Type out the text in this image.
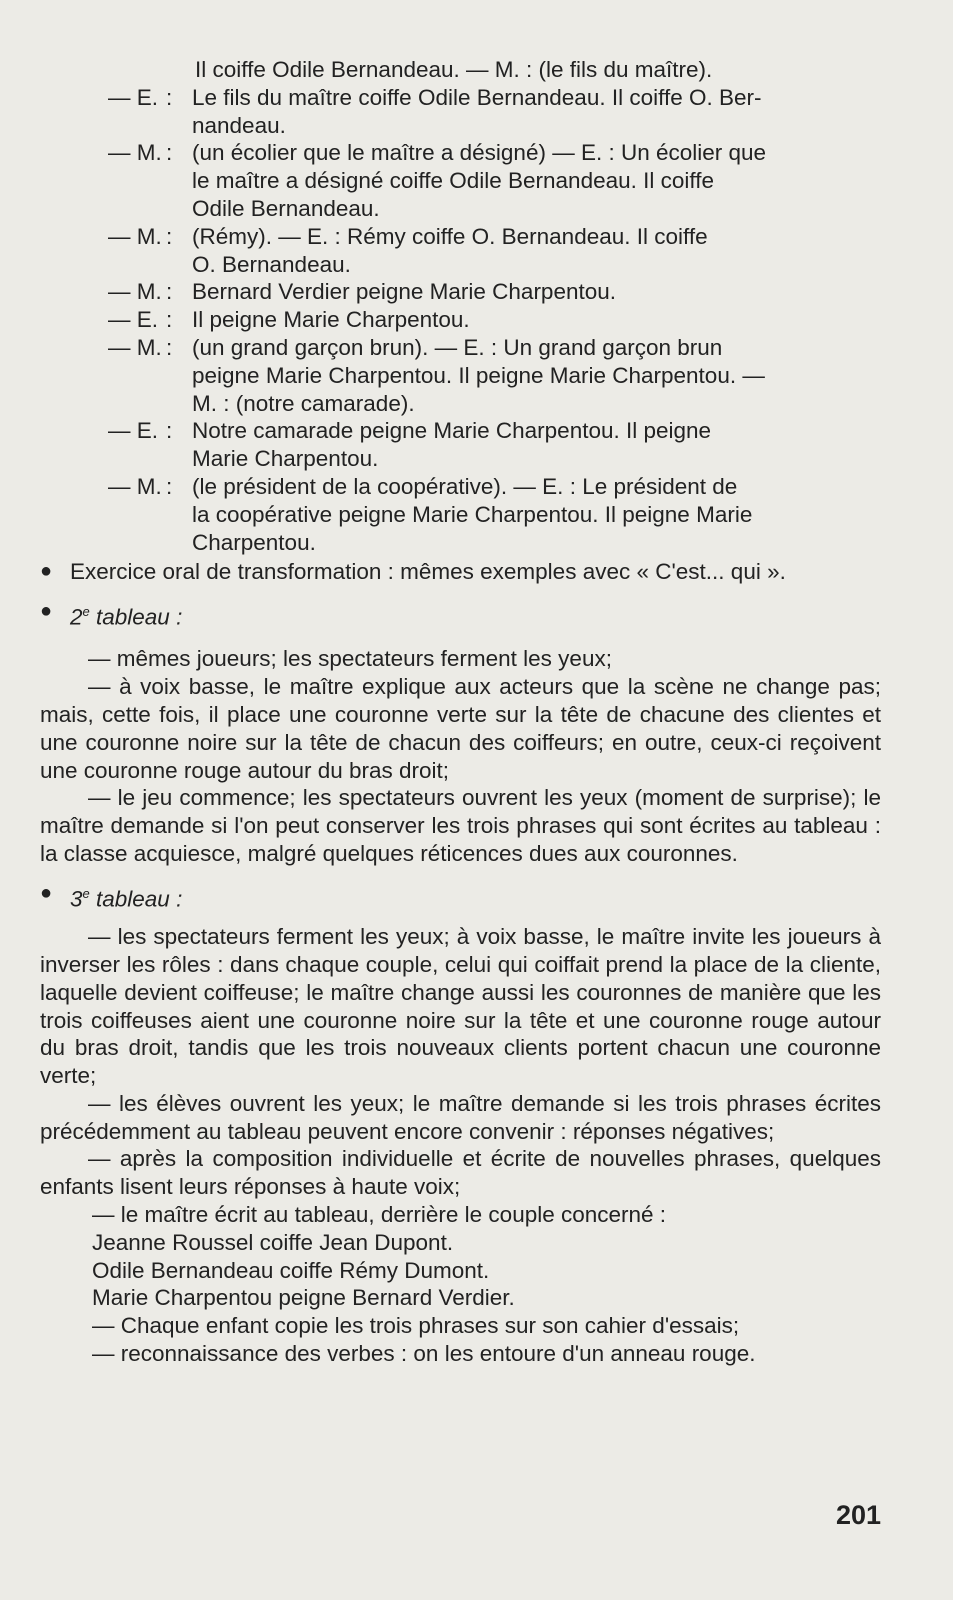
Il coiffe Odile Bernandeau. — M. : (le fils du maître).
— E. : Le fils du maître coiffe Odile Bernandeau. Il coiffe O. Ber-
nandeau.
— M. : (un écolier que le maître a désigné) — E. : Un écolier que
le maître a désigné coiffe Odile Bernandeau. Il coiffe
Odile Bernandeau.
— M. : (Rémy). — E. : Rémy coiffe O. Bernandeau. Il coiffe
O. Bernandeau.
— M. : Bernard Verdier peigne Marie Charpentou.
— E. : Il peigne Marie Charpentou.
— M. : (un grand garçon brun). — E. : Un grand garçon brun
peigne Marie Charpentou. Il peigne Marie Charpentou. —
M. : (notre camarade).
— E. : Notre camarade peigne Marie Charpentou. Il peigne
Marie Charpentou.
— M. : (le président de la coopérative). — E. : Le président de
la coopérative peigne Marie Charpentou. Il peigne Marie
Charpentou.
● Exercice oral de transformation : mêmes exemples avec « C'est... qui ».
● 2e tableau :
— mêmes joueurs; les spectateurs ferment les yeux;
— à voix basse, le maître explique aux acteurs que la scène ne change pas; mais, cette fois, il place une couronne verte sur la tête de chacune des clientes et une couronne noire sur la tête de chacun des coiffeurs; en outre, ceux-ci reçoivent une couronne rouge autour du bras droit;
— le jeu commence; les spectateurs ouvrent les yeux (moment de surprise); le maître demande si l'on peut conserver les trois phrases qui sont écrites au tableau : la classe acquiesce, malgré quelques réticences dues aux couronnes.
● 3e tableau :
— les spectateurs ferment les yeux; à voix basse, le maître invite les joueurs à inverser les rôles : dans chaque couple, celui qui coiffait prend la place de la cliente, laquelle devient coiffeuse; le maître change aussi les couronnes de manière que les trois coiffeuses aient une couronne noire sur la tête et une couronne rouge autour du bras droit, tandis que les trois nouveaux clients portent chacun une couronne verte;
— les élèves ouvrent les yeux; le maître demande si les trois phrases écrites précédemment au tableau peuvent encore convenir : réponses négatives;
— après la composition individuelle et écrite de nouvelles phrases, quelques enfants lisent leurs réponses à haute voix;
— le maître écrit au tableau, derrière le couple concerné :
Jeanne Roussel coiffe Jean Dupont.
Odile Bernandeau coiffe Rémy Dumont.
Marie Charpentou peigne Bernard Verdier.
— Chaque enfant copie les trois phrases sur son cahier d'essais;
— reconnaissance des verbes : on les entoure d'un anneau rouge.
201
